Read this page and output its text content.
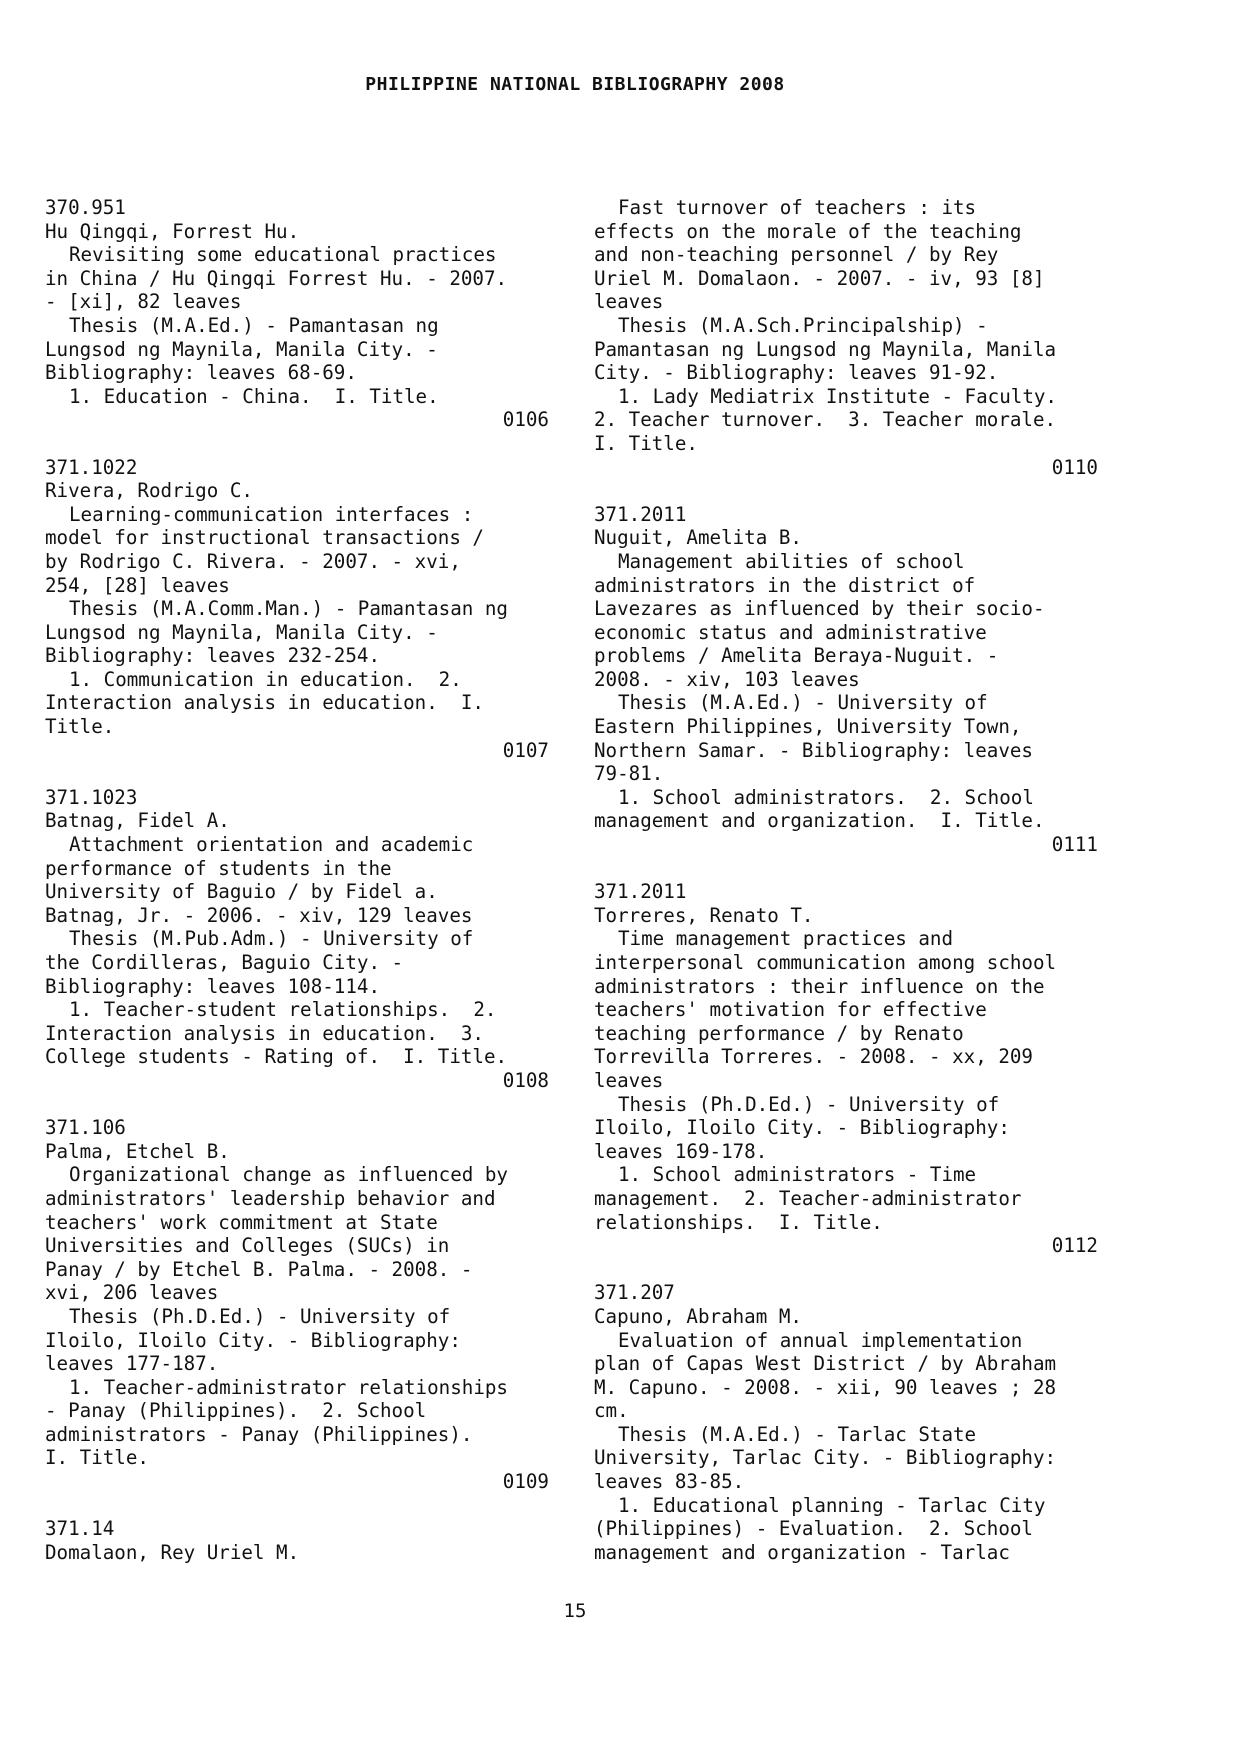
PHILIPPINE NATIONAL BIBLIOGRAPHY 2008
370.951
Hu Qingqi, Forrest Hu.
Revisiting some educational practices
in China / Hu Qingqi Forrest Hu. - 2007.
- [xi], 82 leaves
Thesis (M.A.Ed.) - Pamantasan ng
Lungsod ng Maynila, Manila City. -
Bibliography: leaves 68-69.
1. Education - China.  I. Title.
0106
371.1022
Rivera, Rodrigo C.
Learning-communication interfaces :
model for instructional transactions /
by Rodrigo C. Rivera. - 2007. - xvi,
254, [28] leaves
Thesis (M.A.Comm.Man.) - Pamantasan ng
Lungsod ng Maynila, Manila City. -
Bibliography: leaves 232-254.
1. Communication in education.  2.
Interaction analysis in education.  I.
Title.
0107
371.1023
Batnag, Fidel A.
Attachment orientation and academic
performance of students in the
University of Baguio / by Fidel a.
Batnag, Jr. - 2006. - xiv, 129 leaves
Thesis (M.Pub.Adm.) - University of
the Cordilleras, Baguio City. -
Bibliography: leaves 108-114.
1. Teacher-student relationships.  2.
Interaction analysis in education.  3.
College students - Rating of.  I. Title.
0108
371.106
Palma, Etchel B.
Organizational change as influenced by
administrators' leadership behavior and
teachers' work commitment at State
Universities and Colleges (SUCs) in
Panay / by Etchel B. Palma. - 2008. -
xvi, 206 leaves
Thesis (Ph.D.Ed.) - University of
Iloilo, Iloilo City. - Bibliography:
leaves 177-187.
1. Teacher-administrator relationships
- Panay (Philippines).  2. School
administrators - Panay (Philippines).
I. Title.
0109
371.14
Domalaon, Rey Uriel M.
Fast turnover of teachers : its
effects on the morale of the teaching
and non-teaching personnel / by Rey
Uriel M. Domalaon. - 2007. - iv, 93 [8]
leaves
Thesis (M.A.Sch.Principalship) -
Pamantasan ng Lungsod ng Maynila, Manila
City. - Bibliography: leaves 91-92.
1. Lady Mediatrix Institute - Faculty.
2. Teacher turnover.  3. Teacher morale.
I. Title.
0110
371.2011
Nuguit, Amelita B.
Management abilities of school
administrators in the district of
Lavezares as influenced by their socio-
economic status and administrative
problems / Amelita Beraya-Nuguit. -
2008. - xiv, 103 leaves
Thesis (M.A.Ed.) - University of
Eastern Philippines, University Town,
Northern Samar. - Bibliography: leaves
79-81.
1. School administrators.  2. School
management and organization.  I. Title.
0111
371.2011
Torreres, Renato T.
Time management practices and
interpersonal communication among school
administrators : their influence on the
teachers' motivation for effective
teaching performance / by Renato
Torrevilla Torreres. - 2008. - xx, 209
leaves
Thesis (Ph.D.Ed.) - University of
Iloilo, Iloilo City. - Bibliography:
leaves 169-178.
1. School administrators - Time
management.  2. Teacher-administrator
relationships.  I. Title.
0112
371.207
Capuno, Abraham M.
Evaluation of annual implementation
plan of Capas West District / by Abraham
M. Capuno. - 2008. - xii, 90 leaves ; 28
cm.
Thesis (M.A.Ed.) - Tarlac State
University, Tarlac City. - Bibliography:
leaves 83-85.
1. Educational planning - Tarlac City
(Philippines) - Evaluation.  2. School
management and organization - Tarlac
15
